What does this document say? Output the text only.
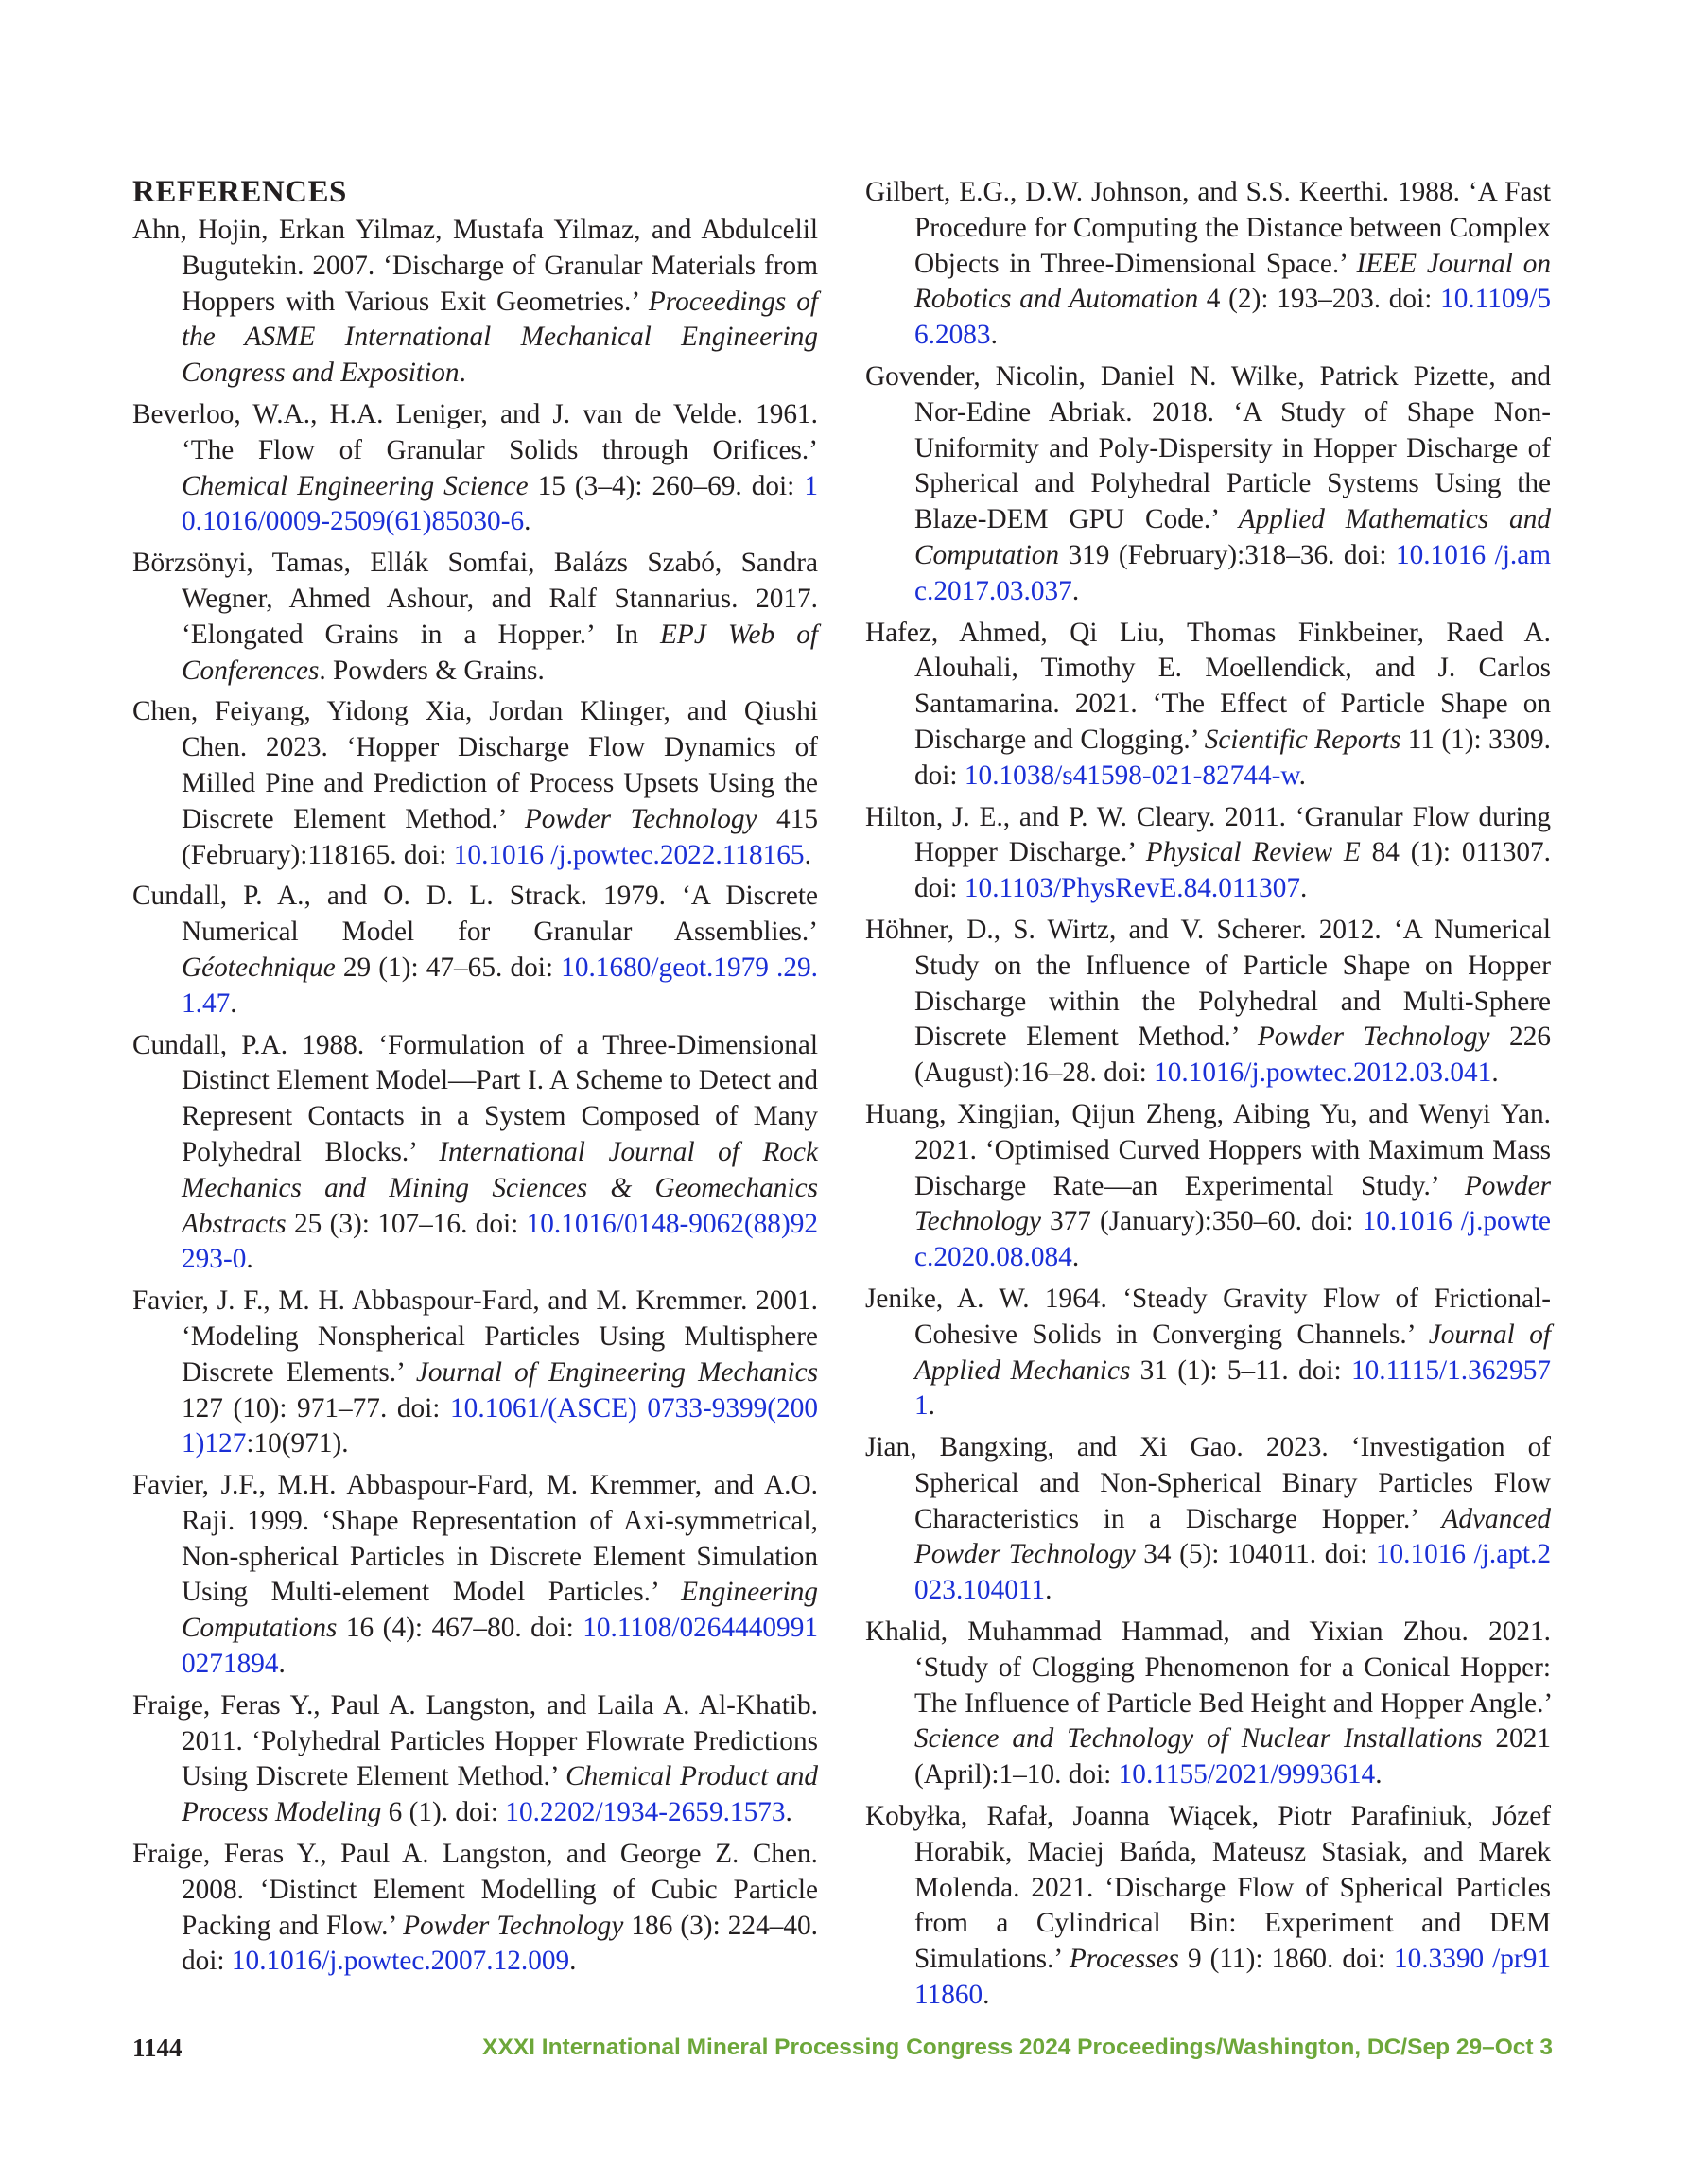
REFERENCES

Ahn, Hojin, Erkan Yilmaz, Mustafa Yilmaz, and Abdulcelil Bugutekin. 2007. ‘Discharge of Granular Materials from Hoppers with Various Exit Geometries.’ Proceedings of the ASME International Mechanical Engineering Congress and Exposition.

Beverloo, W.A., H.A. Leniger, and J. van de Velde. 1961. ‘The Flow of Granular Solids through Orifices.’ Chemical Engineering Science 15 (3–4): 260–69. doi: 10.1016/0009-2509(61)85030-6.

Börzsönyi, Tamas, Ellák Somfai, Balázs Szabó, Sandra Wegner, Ahmed Ashour, and Ralf Stannarius. 2017. ‘Elongated Grains in a Hopper.’ In EPJ Web of Conferences. Powders & Grains.

Chen, Feiyang, Yidong Xia, Jordan Klinger, and Qiushi Chen. 2023. ‘Hopper Discharge Flow Dynamics of Milled Pine and Prediction of Process Upsets Using the Discrete Element Method.’ Powder Technology 415 (February):118165. doi: 10.1016 /j.powtec.2022.118165.

Cundall, P. A., and O. D. L. Strack. 1979. ‘A Discrete Numerical Model for Granular Assemblies.’ Géotechnique 29 (1): 47–65. doi: 10.1680/geot.1979 .29.1.47.

Cundall, P.A. 1988. ‘Formulation of a Three-Dimensional Distinct Element Model—Part I. A Scheme to Detect and Represent Contacts in a System Composed of Many Polyhedral Blocks.’ International Journal of Rock Mechanics and Mining Sciences & Geomechanics Abstracts 25 (3): 107–16. doi: 10.1016/0148-9062(88)92293-0.

Favier, J. F., M. H. Abbaspour-Fard, and M. Kremmer. 2001. ‘Modeling Nonspherical Particles Using Multisphere Discrete Elements.’ Journal of Engineering Mechanics 127 (10): 971–77. doi: 10.1061/(ASCE) 0733-9399(2001)127:10(971).

Favier, J.F., M.H. Abbaspour-Fard, M. Kremmer, and A.O. Raji. 1999. ‘Shape Representation of Axi-symmetrical, Non-spherical Particles in Discrete Element Simulation Using Multi-element Model Particles.’ Engineering Computations 16 (4): 467–80. doi: 10.1108/02644409910271894.

Fraige, Feras Y., Paul A. Langston, and Laila A. Al-Khatib. 2011. ‘Polyhedral Particles Hopper Flowrate Predictions Using Discrete Element Method.’ Chemical Product and Process Modeling 6 (1). doi: 10.2202/1934-2659.1573.

Fraige, Feras Y., Paul A. Langston, and George Z. Chen. 2008. ‘Distinct Element Modelling of Cubic Particle Packing and Flow.’ Powder Technology 186 (3): 224–40. doi: 10.1016/j.powtec.2007.12.009.

Gilbert, E.G., D.W. Johnson, and S.S. Keerthi. 1988. ‘A Fast Procedure for Computing the Distance between Complex Objects in Three-Dimensional Space.’ IEEE Journal on Robotics and Automation 4 (2): 193–203. doi: 10.1109/56.2083.

Govender, Nicolin, Daniel N. Wilke, Patrick Pizette, and Nor-Edine Abriak. 2018. ‘A Study of Shape Non-Uniformity and Poly-Dispersity in Hopper Discharge of Spherical and Polyhedral Particle Systems Using the Blaze-DEM GPU Code.’ Applied Mathematics and Computation 319 (February):318–36. doi: 10.1016 /j.amc.2017.03.037.

Hafez, Ahmed, Qi Liu, Thomas Finkbeiner, Raed A. Alouhali, Timothy E. Moellendick, and J. Carlos Santamarina. 2021. ‘The Effect of Particle Shape on Discharge and Clogging.’ Scientific Reports 11 (1): 3309. doi: 10.1038/s41598-021-82744-w.

Hilton, J. E., and P. W. Cleary. 2011. ‘Granular Flow during Hopper Discharge.’ Physical Review E 84 (1): 011307. doi: 10.1103/PhysRevE.84.011307.

Höhner, D., S. Wirtz, and V. Scherer. 2012. ‘A Numerical Study on the Influence of Particle Shape on Hopper Discharge within the Polyhedral and Multi-Sphere Discrete Element Method.’ Powder Technology 226 (August):16–28. doi: 10.1016/j.powtec.2012.03.041.

Huang, Xingjian, Qijun Zheng, Aibing Yu, and Wenyi Yan. 2021. ‘Optimised Curved Hoppers with Maximum Mass Discharge Rate—an Experimental Study.’ Powder Technology 377 (January):350–60. doi: 10.1016 /j.powtec.2020.08.084.

Jenike, A. W. 1964. ‘Steady Gravity Flow of Frictional-Cohesive Solids in Converging Channels.’ Journal of Applied Mechanics 31 (1): 5–11. doi: 10.1115/1.3629571.

Jian, Bangxing, and Xi Gao. 2023. ‘Investigation of Spherical and Non-Spherical Binary Particles Flow Characteristics in a Discharge Hopper.’ Advanced Powder Technology 34 (5): 104011. doi: 10.1016 /j.apt.2023.104011.

Khalid, Muhammad Hammad, and Yixian Zhou. 2021. ‘Study of Clogging Phenomenon for a Conical Hopper: The Influence of Particle Bed Height and Hopper Angle.’ Science and Technology of Nuclear Installations 2021 (April):1–10. doi: 10.1155/2021/9993614.

Kobyłka, Rafał, Joanna Wiącek, Piotr Parafiniuk, Józef Horabik, Maciej Bańda, Mateusz Stasiak, and Marek Molenda. 2021. ‘Discharge Flow of Spherical Particles from a Cylindrical Bin: Experiment and DEM Simulations.’ Processes 9 (11): 1860. doi: 10.3390 /pr9111860.

1144	XXXI International Mineral Processing Congress 2024 Proceedings/Washington, DC/Sep 29–Oct 3
